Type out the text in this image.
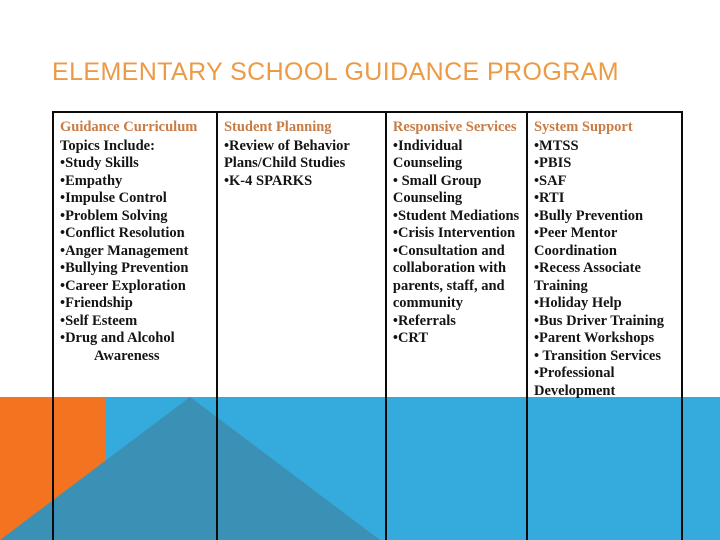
ELEMENTARY SCHOOL GUIDANCE PROGRAM
Guidance Curriculum
Topics Include:
•Study Skills
•Empathy
•Impulse Control
•Problem Solving
•Conflict Resolution
•Anger Management
•Bullying Prevention
•Career Exploration
•Friendship
•Self Esteem
•Drug and Alcohol
Awareness
Student Planning
•Review of Behavior Plans/Child Studies
•K-4 SPARKS
Responsive Services
•Individual Counseling
• Small Group Counseling
•Student Mediations
•Crisis Intervention
•Consultation and collaboration with parents, staff, and community
•Referrals
•CRT
System Support
•MTSS
•PBIS
•SAF
•RTI
•Bully Prevention
•Peer Mentor Coordination
•Recess Associate Training
•Holiday Help
•Bus Driver Training
•Parent Workshops
• Transition Services
•Professional Development
